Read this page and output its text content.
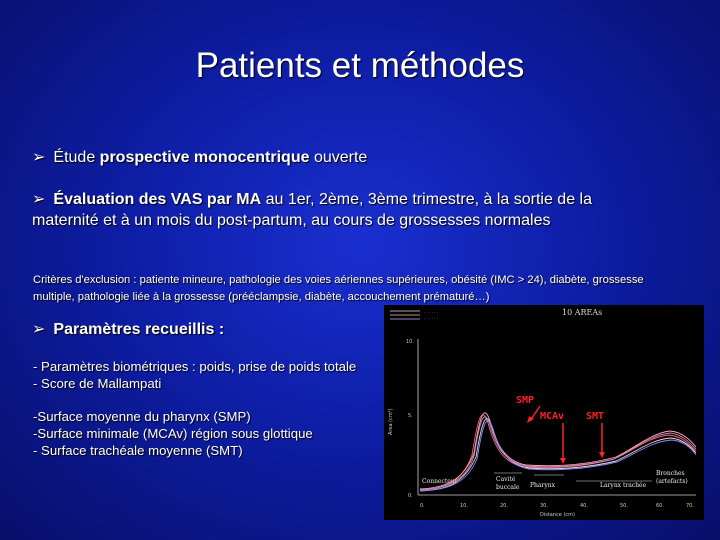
Patients et méthodes
➢ Étude prospective monocentrique ouverte
➢ Évaluation des VAS par MA au 1er, 2ème, 3ème trimestre, à la sortie de la maternité et à un mois du post-partum, au cours de grossesses normales
Critères d'exclusion : patiente mineure, pathologie des voies aériennes supérieures, obésité (IMC > 24), diabète, grossesse multiple, pathologie liée à la grossesse (prééclampsie, diabète, accouchement prématuré…)
➢ Paramètres recueillis :
- Paramètres biométriques : poids, prise de poids totale
- Score de Mallampati
-Surface moyenne du pharynx (SMP)
-Surface minimale (MCAv) région sous glottique
- Surface trachéale moyenne (SMT)
· · · · · ·
· · · · · ·
10 AREAs
10.
5.
0.
Area (cm²)
0.	10.	20.	30.	40.	50.	60.	70.
Distance (cm)
Connecteur	Cavité
buccale Pharynx	Larynx trachée
Bronches
(artefacts)
SMP
MCAv SMT
